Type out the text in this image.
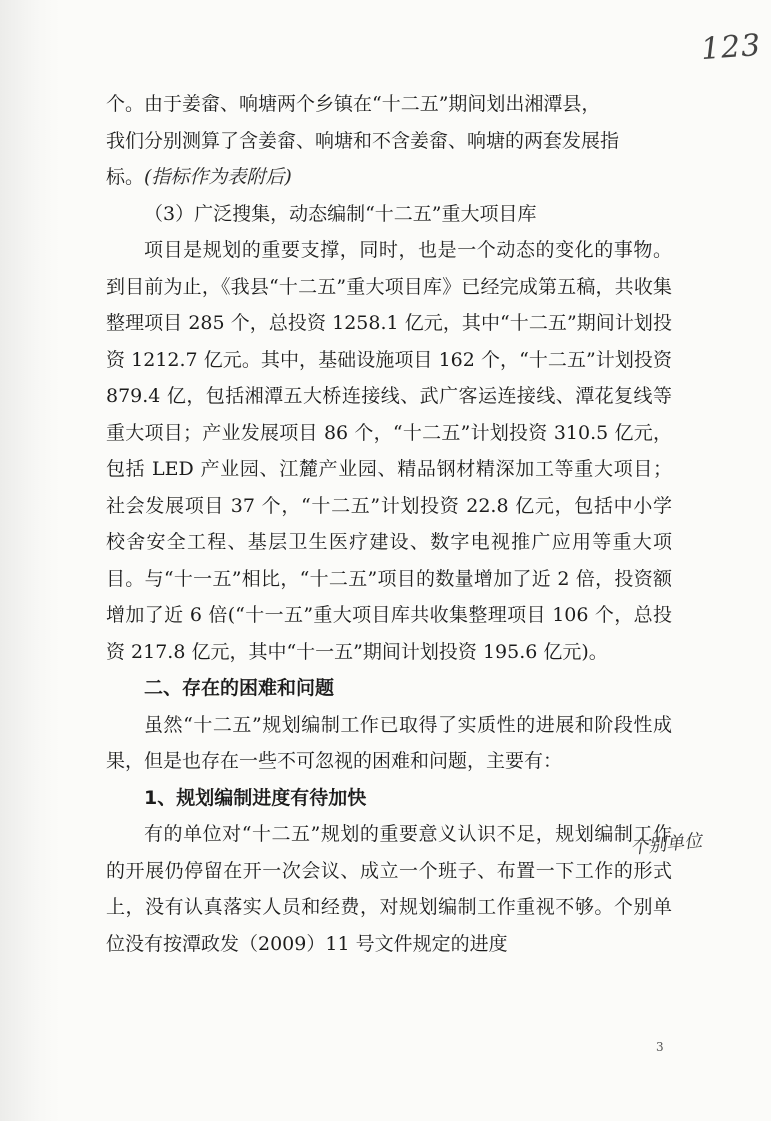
123

个。由于姜畲、响塘两个乡镇在“十二五”期间划出湘潭县，

我们分别测算了含姜畲、响塘和不含姜畲、响塘的两套发展指

标。(指标作为表附后)

（3）广泛搜集，动态编制“十二五”重大项目库

项目是规划的重要支撑，同时，也是一个动态的变化的事物。到目前为止，《我县“十二五”重大项目库》已经完成第五稿，共收集整理项目 285 个，总投资 1258.1 亿元，其中“十二五”期间计划投资 1212.7 亿元。其中，基础设施项目 162 个，“十二五”计划投资 879.4 亿，包括湘潭五大桥连接线、武广客运连接线、潭花复线等重大项目；产业发展项目 86 个，“十二五”计划投资 310.5 亿元，包括 LED 产业园、江麓产业园、精品钢材精深加工等重大项目；社会发展项目 37 个，“十二五”计划投资 22.8 亿元，包括中小学校舍安全工程、基层卫生医疗建设、数字电视推广应用等重大项目。与“十一五”相比，“十二五”项目的数量增加了近 2 倍，投资额增加了近 6 倍(“十一五”重大项目库共收集整理项目 106 个，总投资 217.8 亿元，其中“十一五”期间计划投资 195.6 亿元)。

二、存在的困难和问题

虽然“十二五”规划编制工作已取得了实质性的进展和阶段性成果，但是也存在一些不可忽视的困难和问题，主要有：

1、规划编制进度有待加快

有的单位对“十二五”规划的重要意义认识不足，规划编制工作的开展仍停留在开一次会议、成立一个班子、布置一下工作的形式上，没有认真落实人员和经费，对规划编制工作重视不够。个别单位没有按潭政发（2009）11 号文件规定的进度

个别单位
3
